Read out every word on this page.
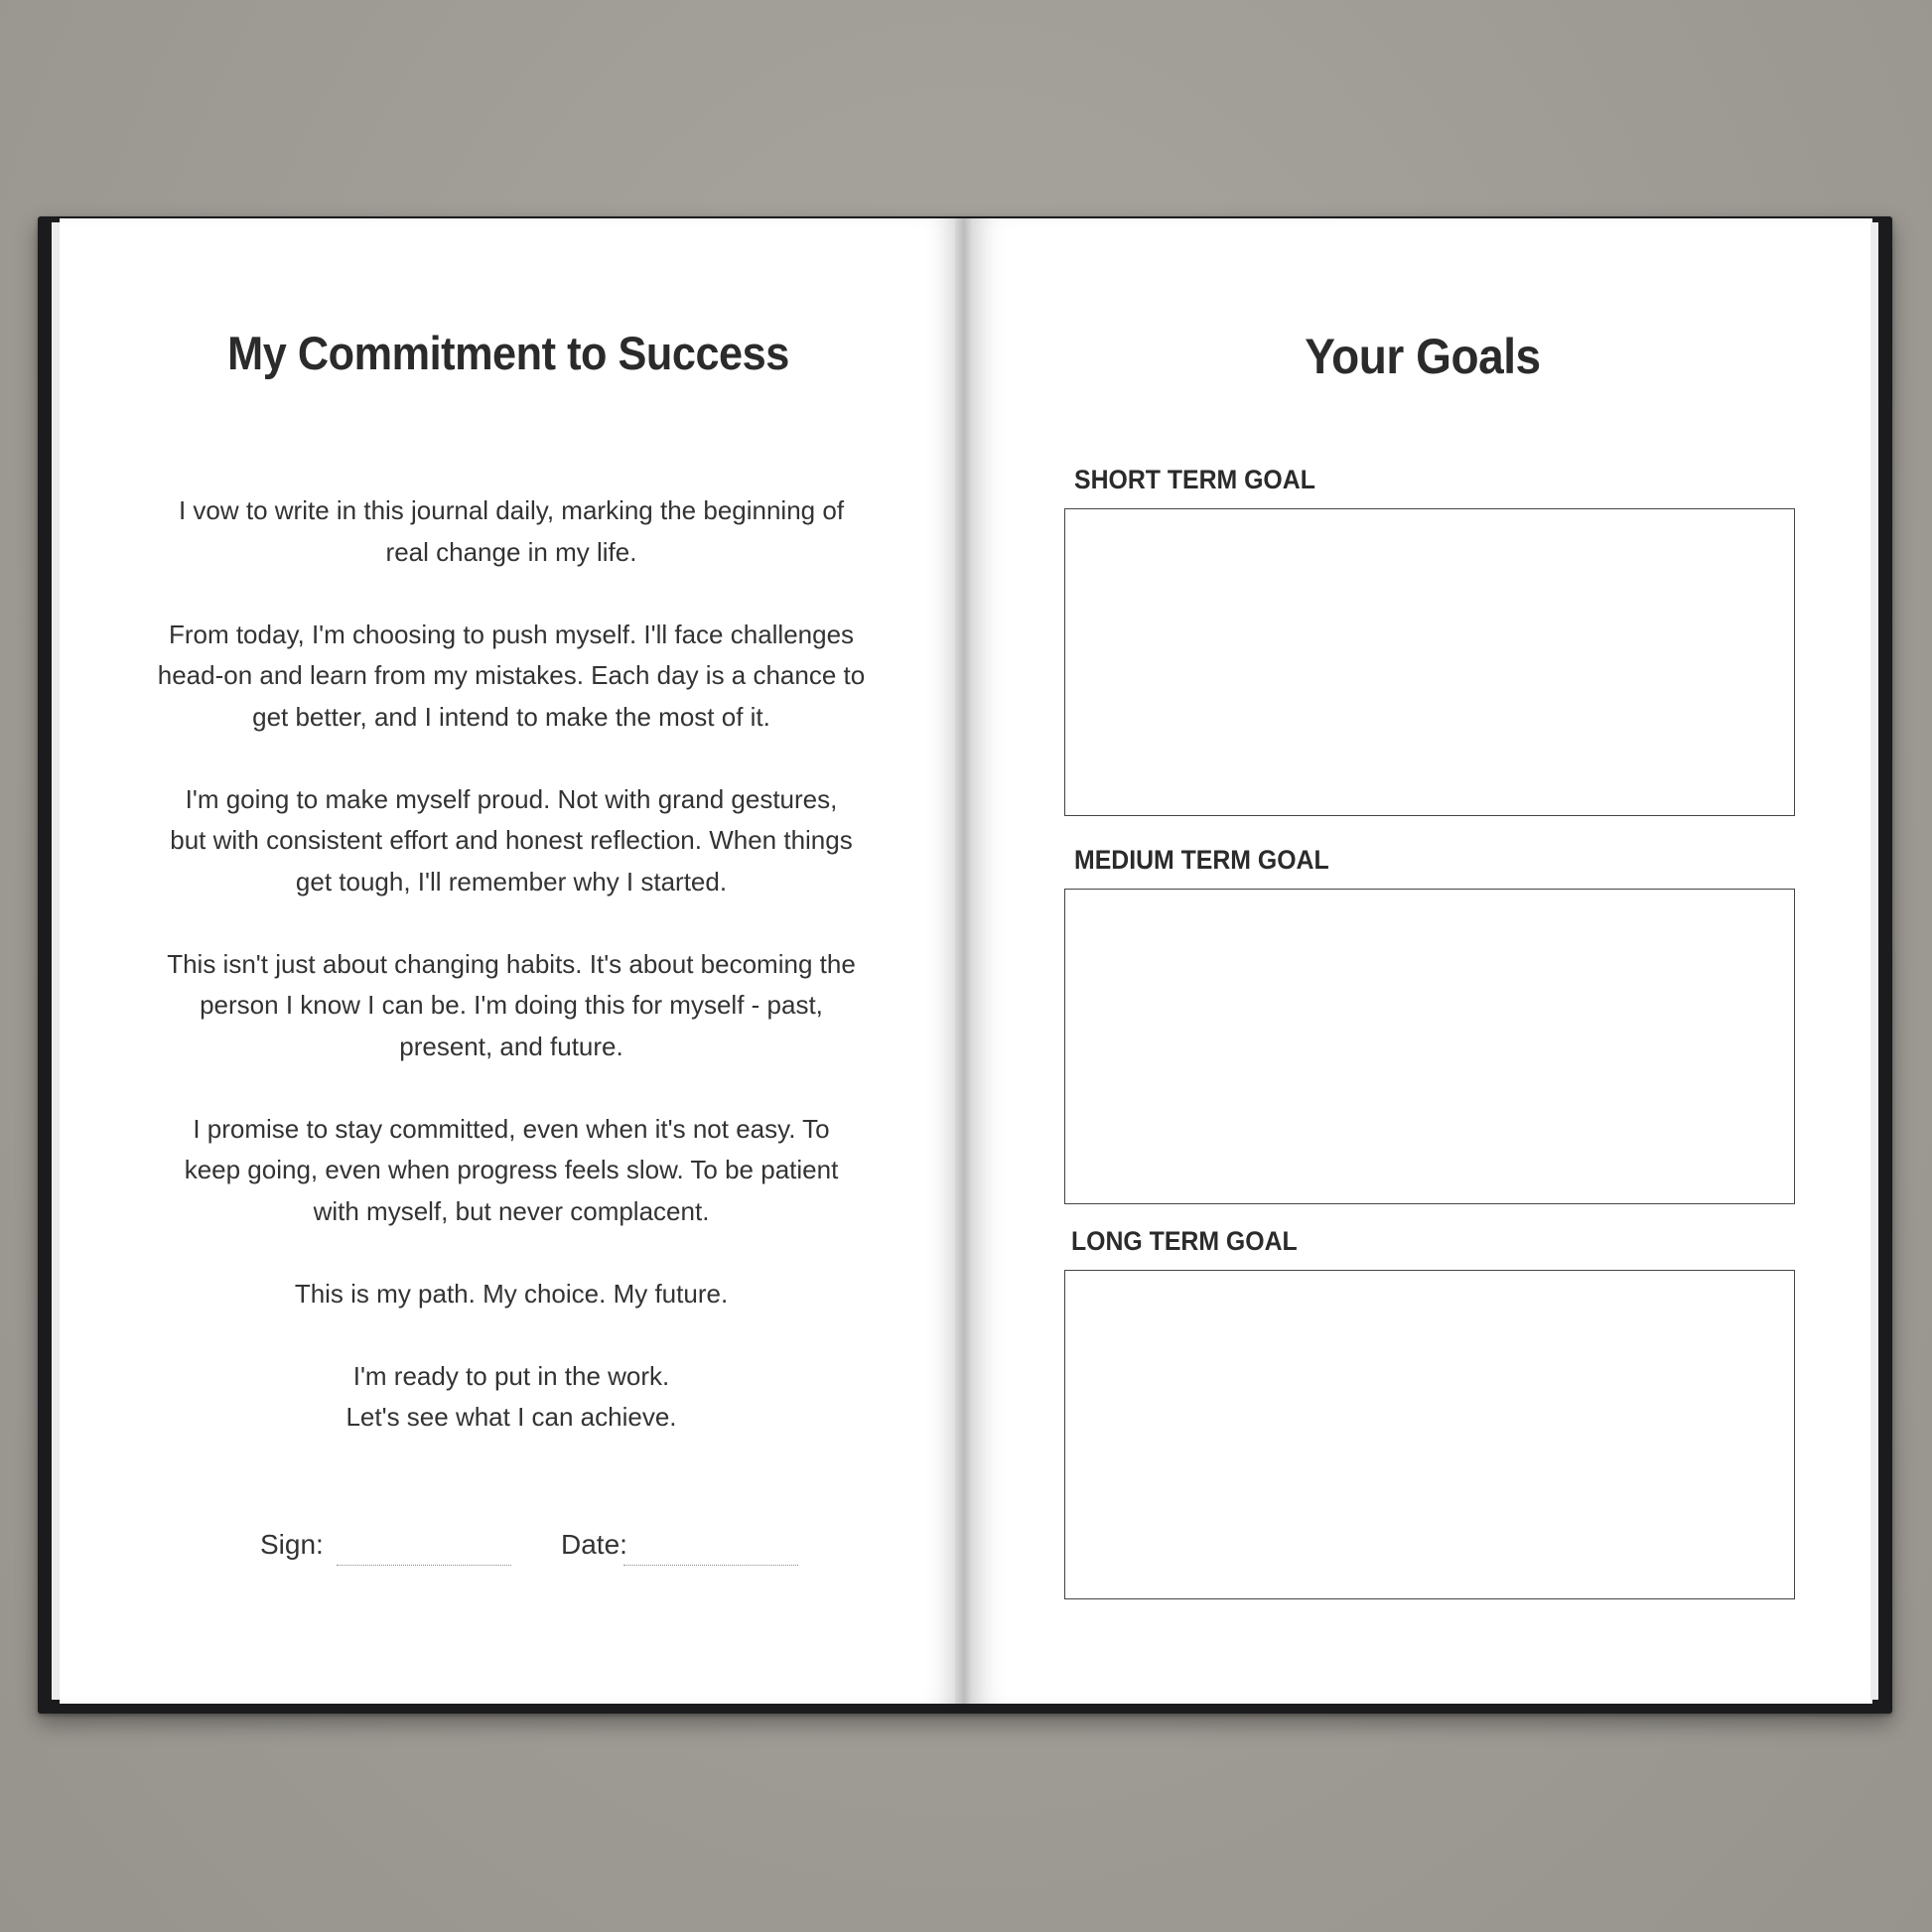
My Commitment to Success

I vow to write in this journal daily, marking the beginning of
real change in my life.

From today, I'm choosing to push myself. I'll face challenges
head-on and learn from my mistakes. Each day is a chance to
get better, and I intend to make the most of it.

I'm going to make myself proud. Not with grand gestures,
but with consistent effort and honest reflection. When things
get tough, I'll remember why I started.

This isn't just about changing habits. It's about becoming the
person I know I can be. I'm doing this for myself - past,
present, and future.

I promise to stay committed, even when it's not easy. To
keep going, even when progress feels slow. To be patient
with myself, but never complacent.

This is my path. My choice. My future.

I'm ready to put in the work.
Let's see what I can achieve.

Sign:	Date:
Your Goals
SHORT TERM GOAL
MEDIUM TERM GOAL
LONG TERM GOAL
